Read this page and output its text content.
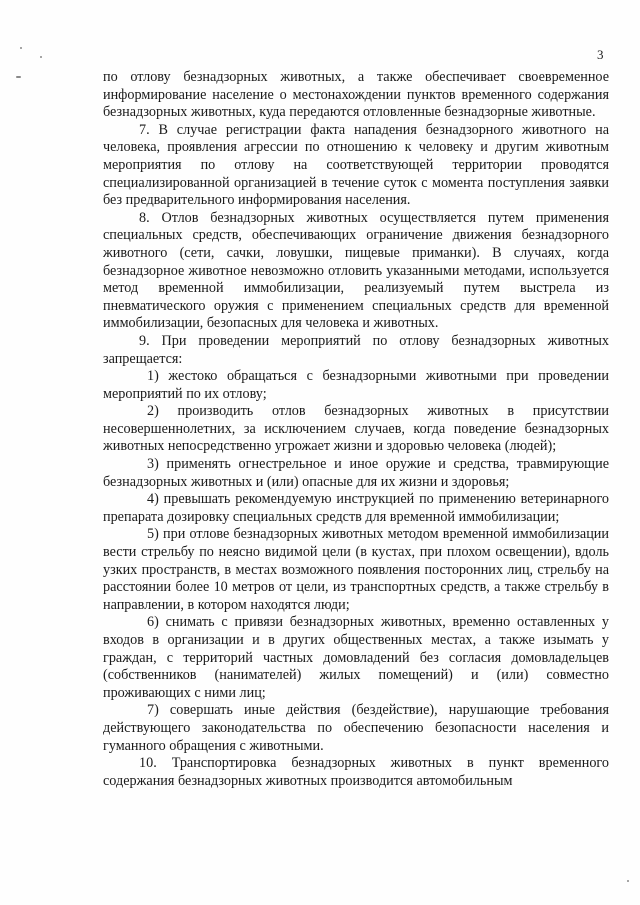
3

по отлову безнадзорных животных, а также обеспечивает своевременное информирование население о местонахождении пунктов временного содержания безнадзорных животных, куда передаются отловленные безнадзорные животные.

7. В случае регистрации факта нападения безнадзорного животного на человека, проявления агрессии по отношению к человеку и другим животным мероприятия по отлову на соответствующей территории проводятся специализированной организацией в течение суток с момента поступления заявки без предварительного информирования населения.

8. Отлов безнадзорных животных осуществляется путем применения специальных средств, обеспечивающих ограничение движения безнадзорного животного (сети, сачки, ловушки, пищевые приманки). В случаях, когда безнадзорное животное невозможно отловить указанными методами, используется метод временной иммобилизации, реализуемый путем выстрела из пневматического оружия с применением специальных средств для временной иммобилизации, безопасных для человека и животных.

9. При проведении мероприятий по отлову безнадзорных животных запрещается:

1) жестоко обращаться с безнадзорными животными при проведении мероприятий по их отлову;

2) производить отлов безнадзорных животных в присутствии несовершеннолетних, за исключением случаев, когда поведение безнадзорных животных непосредственно угрожает жизни и здоровью человека (людей);

3) применять огнестрельное и иное оружие и средства, травмирующие безнадзорных животных и (или) опасные для их жизни и здоровья;

4) превышать рекомендуемую инструкцией по применению ветеринарного препарата дозировку специальных средств для временной иммобилизации;

5) при отлове безнадзорных животных методом временной иммобилизации вести стрельбу по неясно видимой цели (в кустах, при плохом освещении), вдоль узких пространств, в местах возможного появления посторонних лиц, стрельбу на расстоянии более 10 метров от цели, из транспортных средств, а также стрельбу в направлении, в котором находятся люди;

6) снимать с привязи безнадзорных животных, временно оставленных у входов в организации и в других общественных местах, а также изымать у граждан, с территорий частных домовладений без согласия домовладельцев (собственников (нанимателей) жилых помещений) и (или) совместно проживающих с ними лиц;

7) совершать иные действия (бездействие), нарушающие требования действующего законодательства по обеспечению безопасности населения и гуманного обращения с животными.

10. Транспортировка безнадзорных животных в пункт временного содержания безнадзорных животных производится автомобильным
